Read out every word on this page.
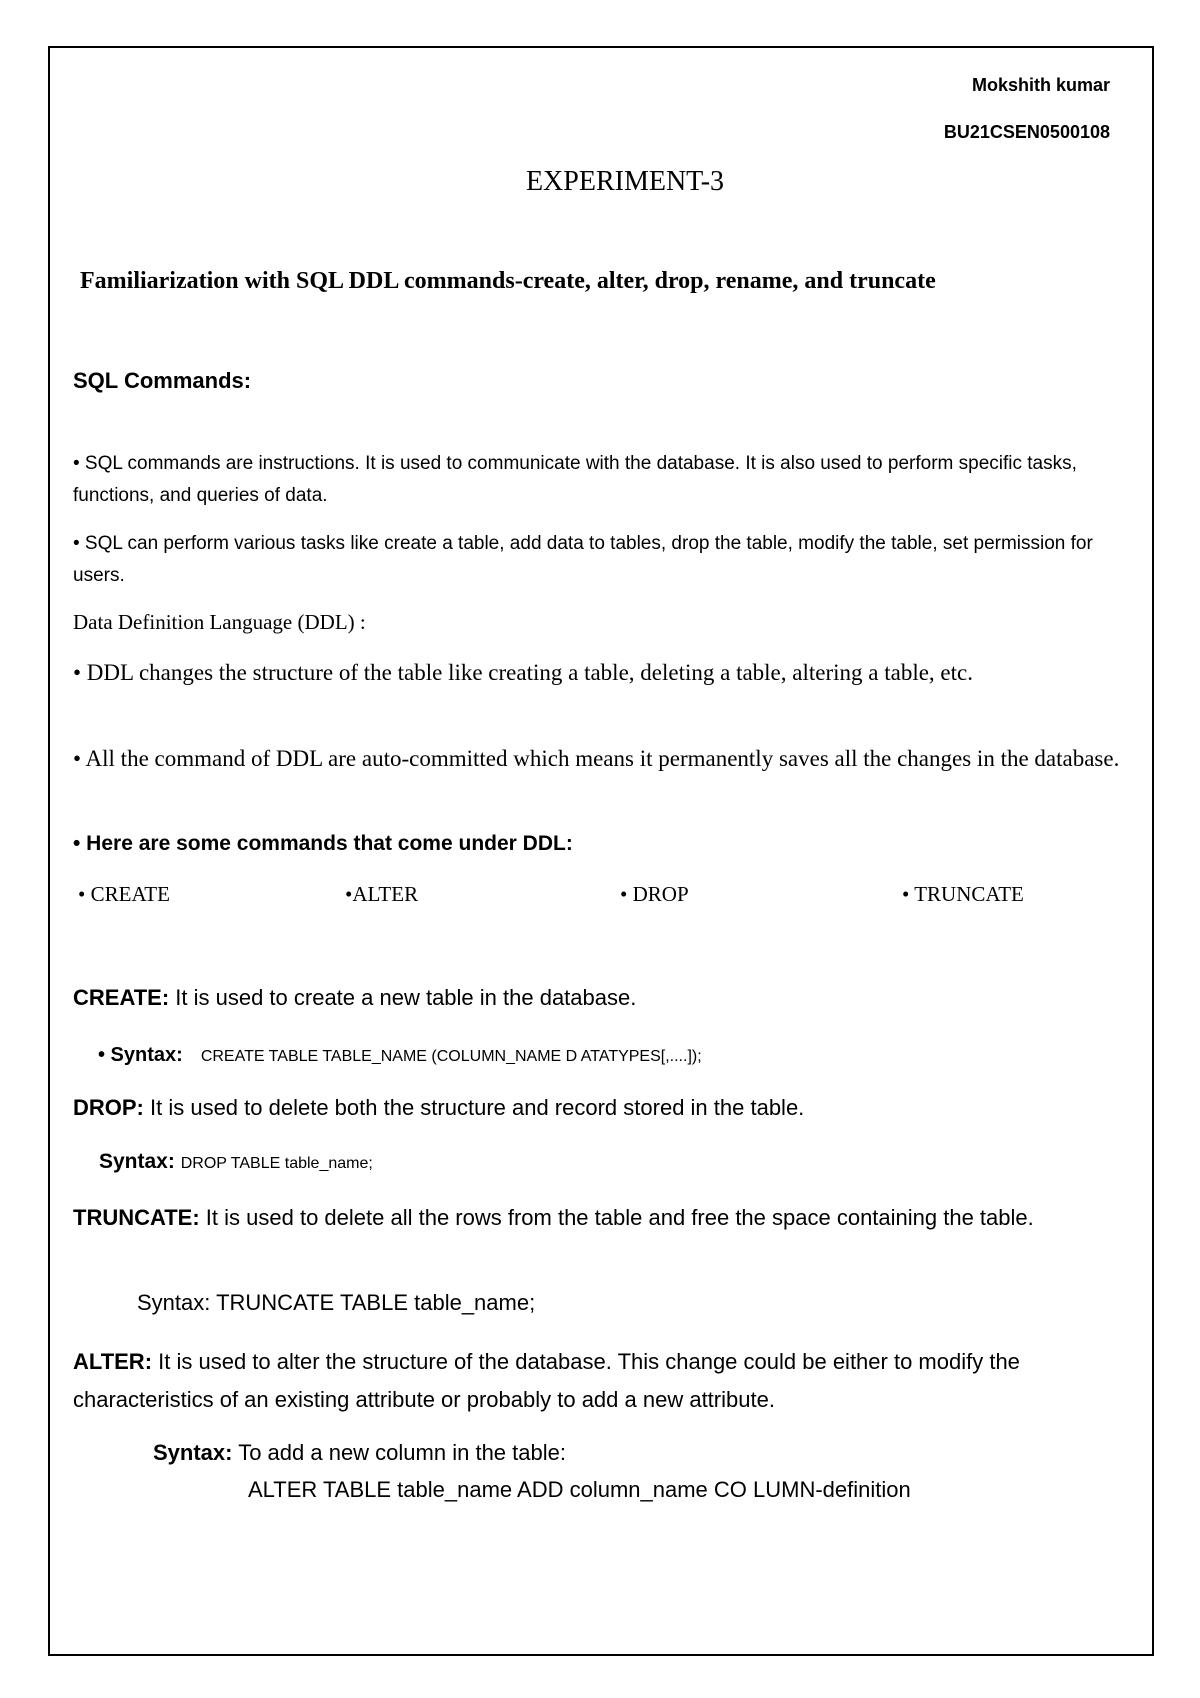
Mokshith kumar

BU21CSEN0500108

EXPERIMENT-3
Familiarization with SQL DDL commands-create, alter, drop, rename, and truncate
SQL Commands:

• SQL commands are instructions. It is used to communicate with the database. It is also used to perform specific tasks, functions, and queries of data.

• SQL can perform various tasks like create a table, add data to tables, drop the table, modify the table, set permission for users.

Data Definition Language (DDL) :

• DDL changes the structure of the table like creating a table, deleting a table, altering a table, etc.

• All the command of DDL are auto-committed which means it permanently saves all the changes in the database.

• Here are some commands that come under DDL:

• CREATE	•ALTER	• DROP	• TRUNCATE

CREATE: It is used to create a new table in the database.

• Syntax: CREATE TABLE TABLE_NAME (COLUMN_NAME D ATATYPES[,....]);

DROP: It is used to delete both the structure and record stored in the table.

Syntax: DROP TABLE table_name;

TRUNCATE: It is used to delete all the rows from the table and free the space containing the table.

Syntax: TRUNCATE TABLE table_name;

ALTER: It is used to alter the structure of the database. This change could be either to modify the characteristics of an existing attribute or probably to add a new attribute.

Syntax: To add a new column in the table:

ALTER TABLE table_name ADD column_name CO LUMN-definition
